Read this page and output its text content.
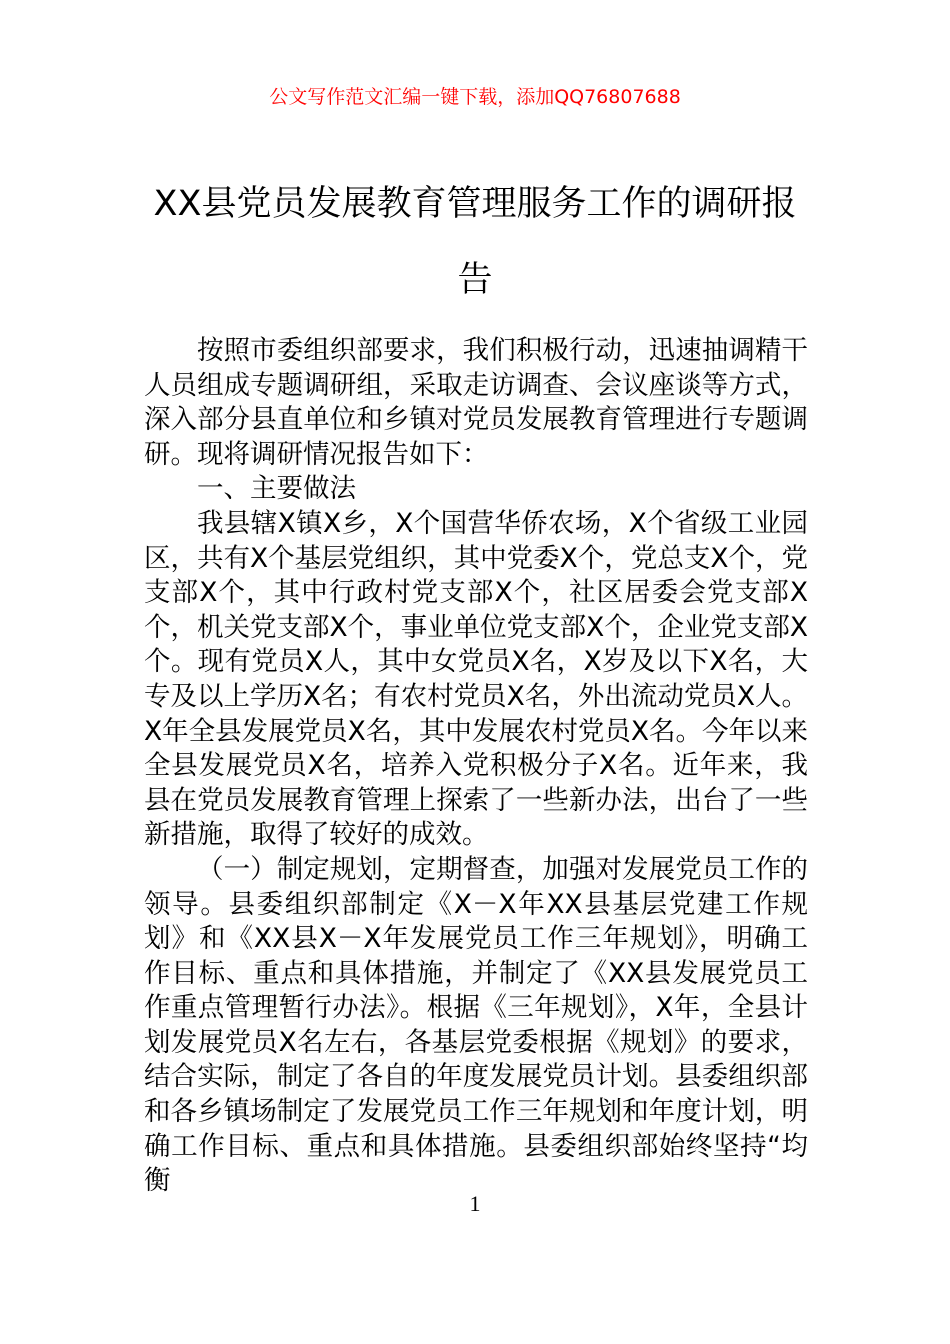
公文写作范文汇编一键下载，添加QQ76807688
XX县党员发展教育管理服务工作的调研报告

按照市委组织部要求，我们积极行动，迅速抽调精干人员组成专题调研组，采取走访调查、会议座谈等方式，深入部分县直单位和乡镇对党员发展教育管理进行专题调研。现将调研情况报告如下：

一、主要做法

我县辖X镇X乡，X个国营华侨农场，X个省级工业园区，共有X个基层党组织，其中党委X个，党总支X个，党支部X个，其中行政村党支部X个，社区居委会党支部X个，机关党支部X个，事业单位党支部X个，企业党支部X个。现有党员X人，其中女党员X名，X岁及以下X名，大专及以上学历X名；有农村党员X名，外出流动党员X人。X年全县发展党员X名，其中发展农村党员X名。今年以来全县发展党员X名，培养入党积极分子X名。近年来，我县在党员发展教育管理上探索了一些新办法，出台了一些新措施，取得了较好的成效。

（一）制定规划，定期督查，加强对发展党员工作的领导。县委组织部制定《X－X年XX县基层党建工作规划》和《XX县X－X年发展党员工作三年规划》，明确工作目标、重点和具体措施，并制定了《XX县发展党员工作重点管理暂行办法》。根据《三年规划》，X年，全县计划发展党员X名左右，各基层党委根据《规划》的要求，结合实际，制定了各自的年度发展党员计划。县委组织部和各乡镇场制定了发展党员工作三年规划和年度计划，明确工作目标、重点和具体措施。县委组织部始终坚持“均衡

1
